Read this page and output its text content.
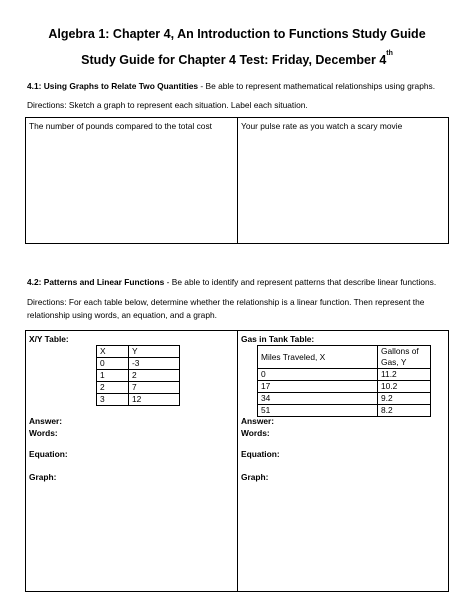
Algebra 1: Chapter 4, An Introduction to Functions Study Guide
Study Guide for Chapter 4 Test: Friday, December 4th
4.1: Using Graphs to Relate Two Quantities - Be able to represent mathematical relationships using graphs.
Directions: Sketch a graph to represent each situation. Label each situation.
The number of pounds compared to the total cost	Your pulse rate as you watch a scary movie
4.2: Patterns and Linear Functions - Be able to identify and represent patterns that describe linear functions.
Directions: For each table below, determine whether the relationship is a linear function. Then represent the relationship using words, an equation, and a graph.
X/Y Table:
X	Y
0	-3
1	2
2	7
3	12
Answer:
Words:
Equation:
Graph:
Gas in Tank Table:
Miles Traveled, X	Gallons of Gas, Y
0	11.2
17	10.2
34	9.2
51	8.2
Answer:
Words:
Equation:
Graph:
